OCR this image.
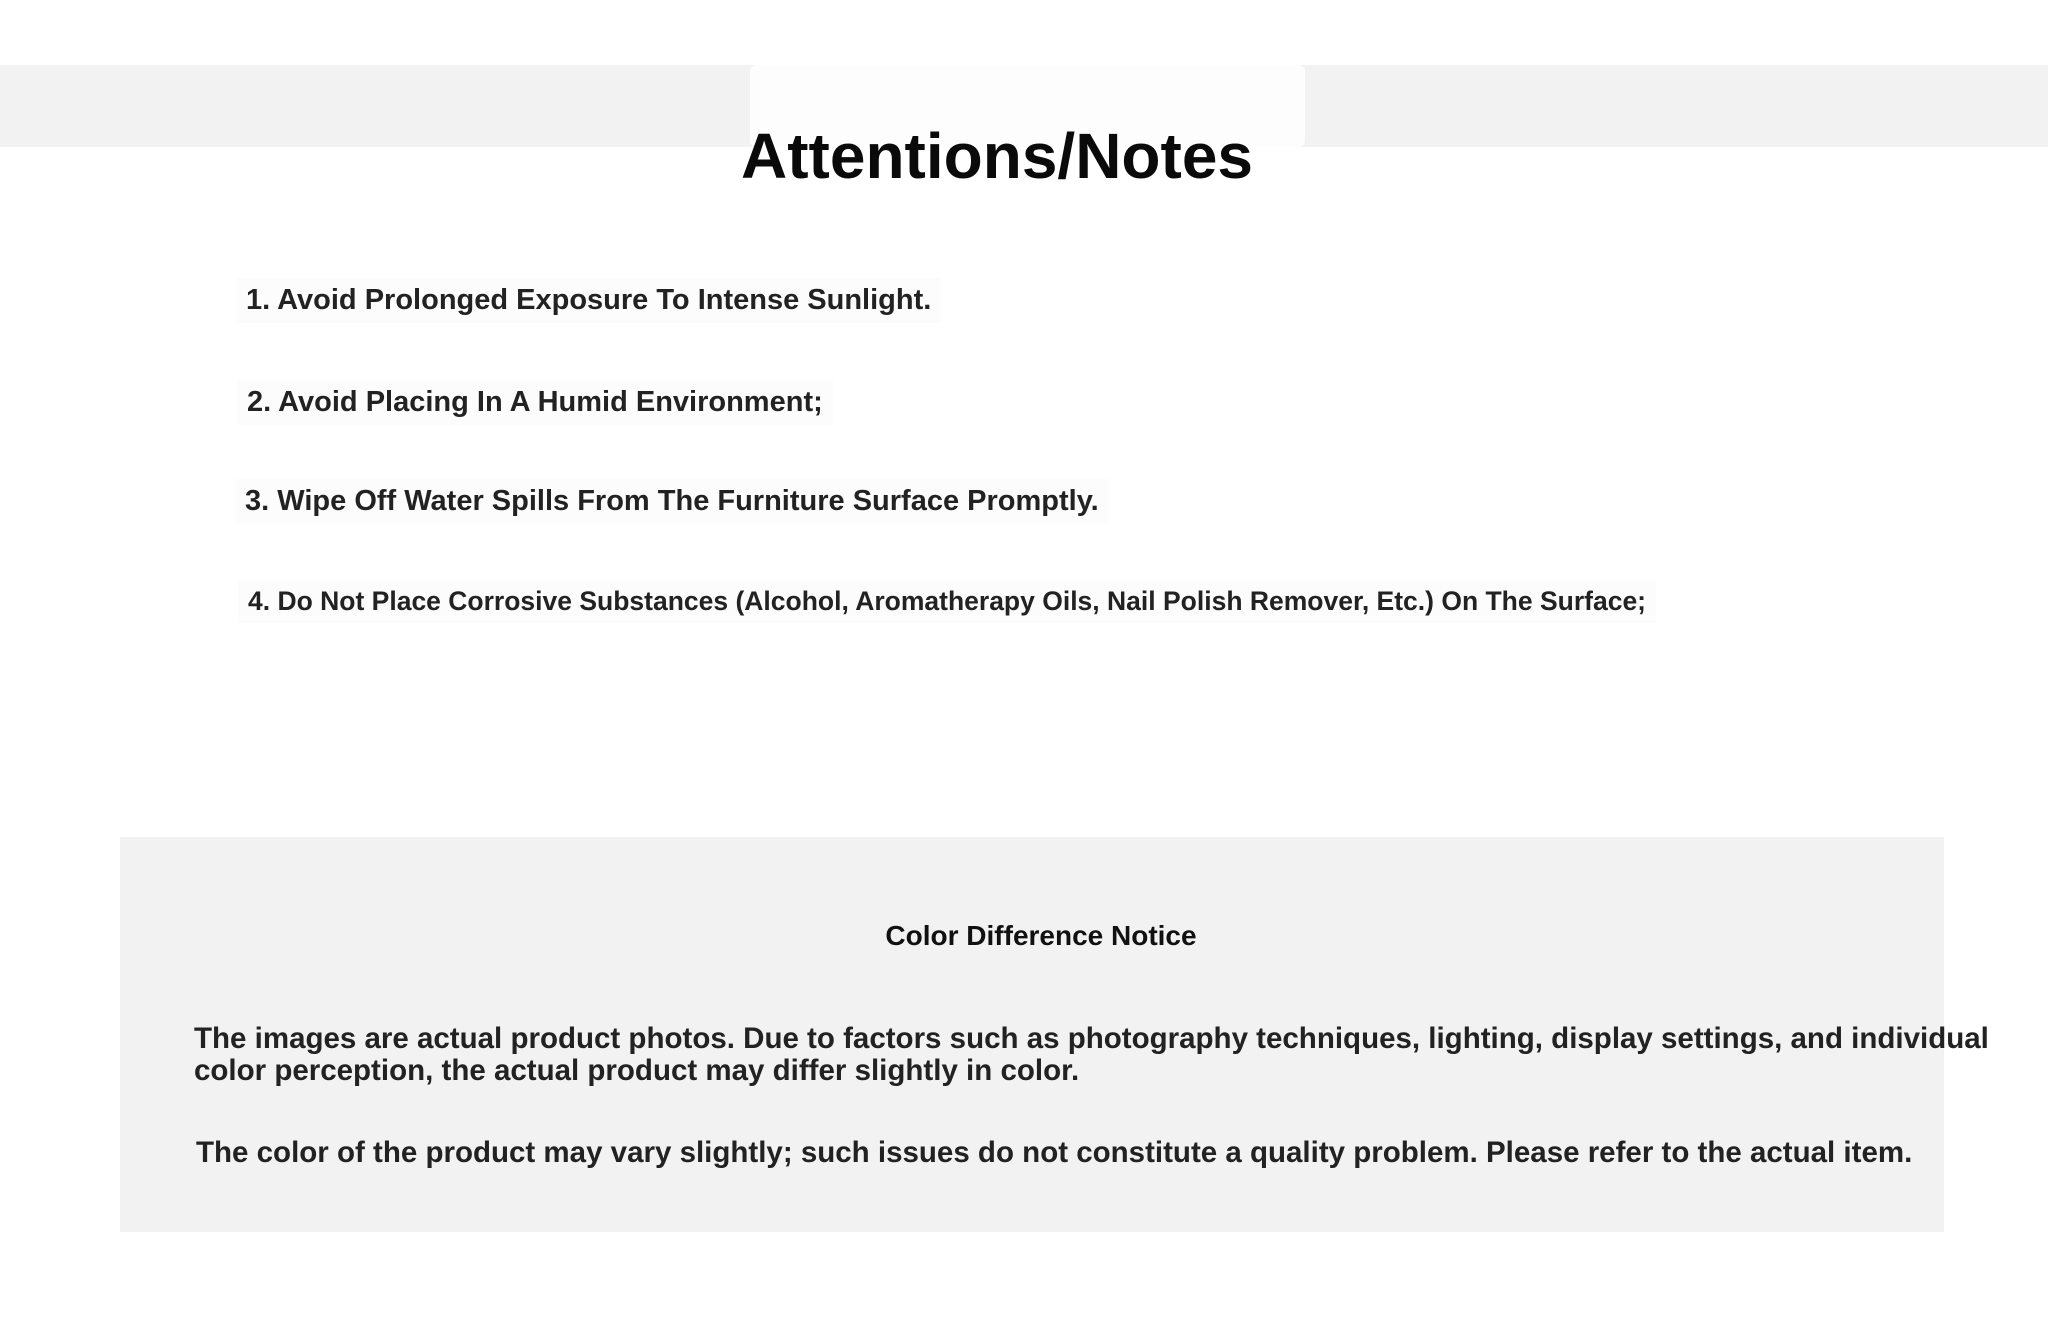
Attentions/Notes
1. Avoid Prolonged Exposure To Intense Sunlight.
2. Avoid Placing In A Humid Environment;
3. Wipe Off Water Spills From The Furniture Surface Promptly.
4. Do Not Place Corrosive Substances (Alcohol, Aromatherapy Oils, Nail Polish Remover, Etc.) On The Surface;
Color Difference Notice
The images are actual product photos. Due to factors such as photography techniques, lighting, display settings, and individual color perception, the actual product may differ slightly in color.
The color of the product may vary slightly; such issues do not constitute a quality problem. Please refer to the actual item.
